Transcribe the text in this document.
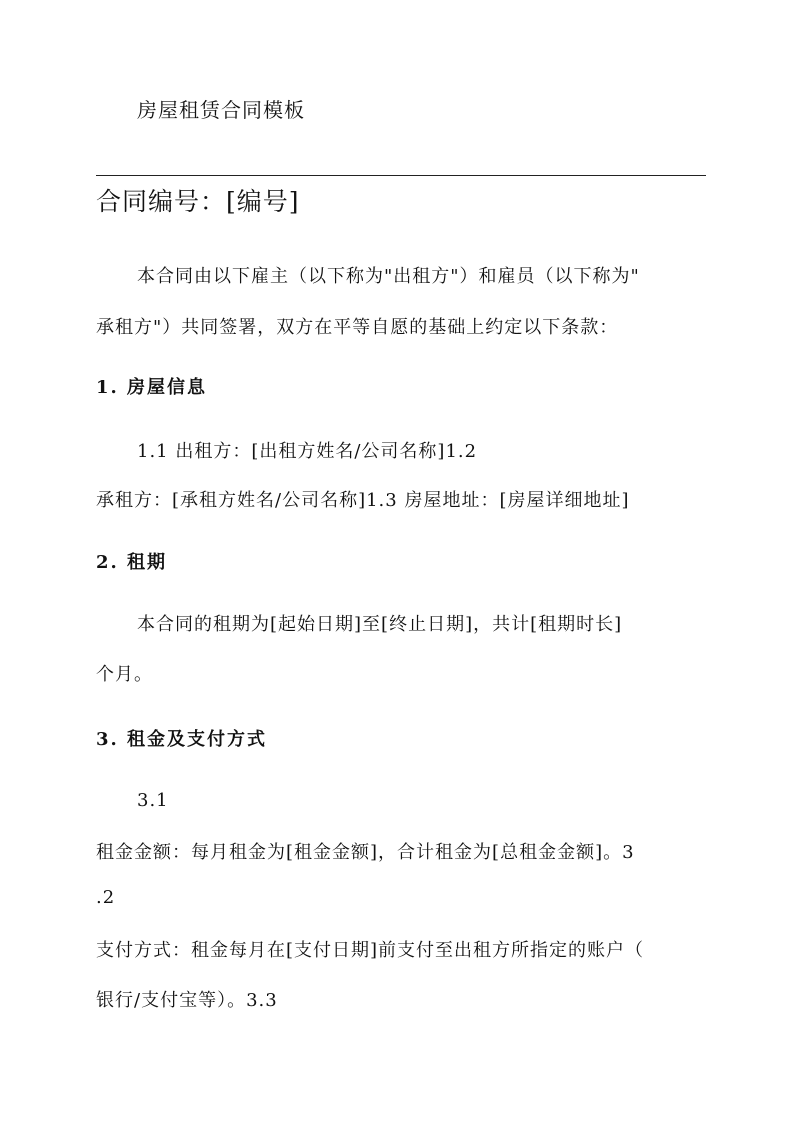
房屋租赁合同模板
合同编号：[编号]
本合同由以下雇主（以下称为"出租方"）和雇员（以下称为"
承租方"）共同签署，双方在平等自愿的基础上约定以下条款：
1. 房屋信息
1.1 出租方：[出租方姓名/公司名称]1.2
承租方：[承租方姓名/公司名称]1.3 房屋地址：[房屋详细地址]
2. 租期
本合同的租期为[起始日期]至[终止日期]，共计[租期时长]
个月。
3. 租金及支付方式
3.1
租金金额：每月租金为[租金金额]，合计租金为[总租金金额]。3
.2
支付方式：租金每月在[支付日期]前支付至出租方所指定的账户（
银行/支付宝等）。3.3
